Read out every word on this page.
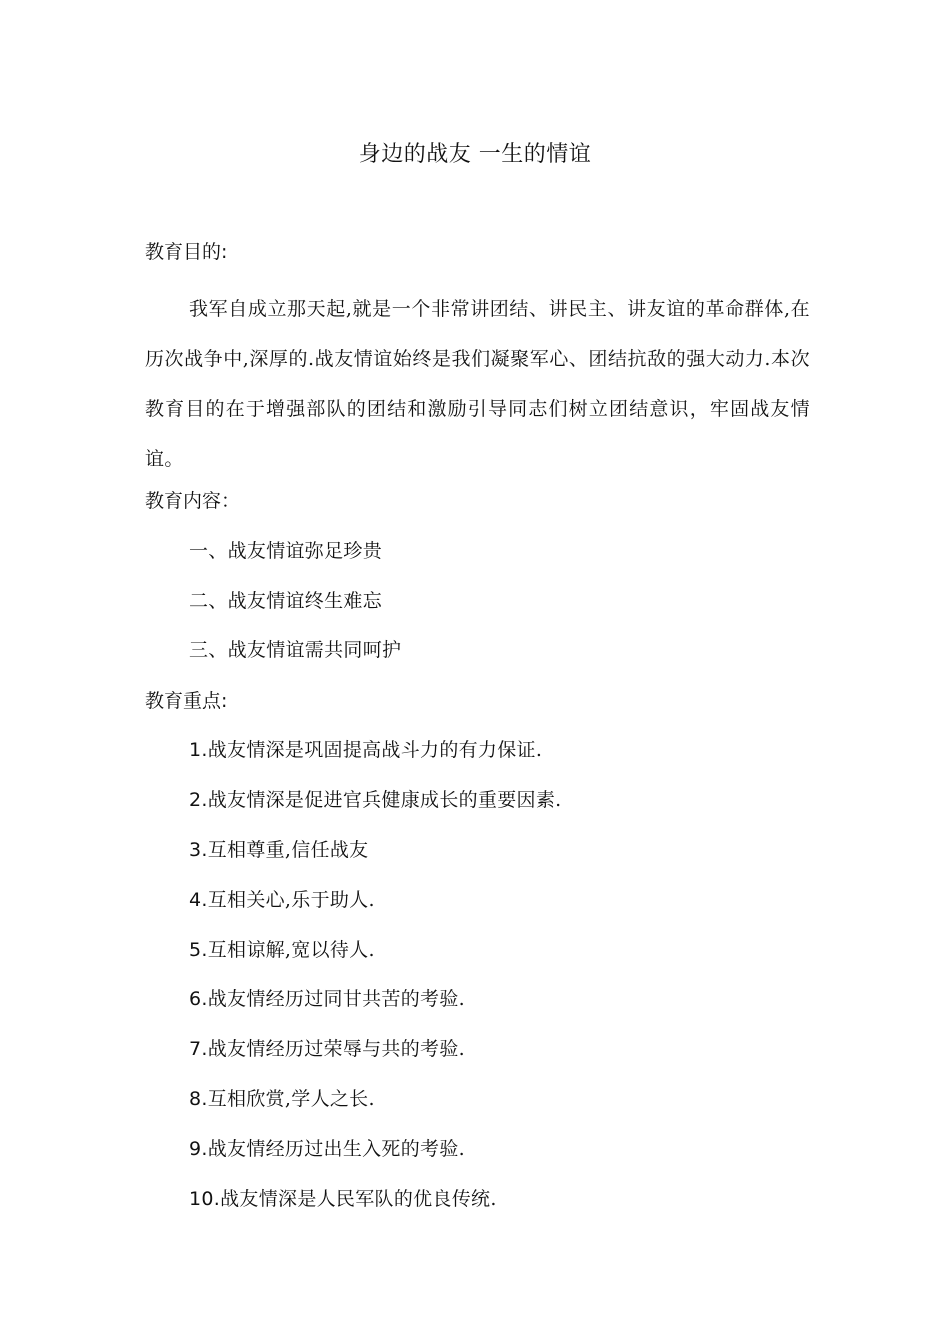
身边的战友 一生的情谊
教育目的:
我军自成立那天起,就是一个非常讲团结、讲民主、讲友谊的革命群体,在历次战争中,深厚的.战友情谊始终是我们凝聚军心、团结抗敌的强大动力.本次教育目的在于增强部队的团结和激励引导同志们树立团结意识，牢固战友情谊。
教育内容：
一、战友情谊弥足珍贵
二、战友情谊终生难忘
三、战友情谊需共同呵护
教育重点:
1.战友情深是巩固提高战斗力的有力保证.
2.战友情深是促进官兵健康成长的重要因素.
3.互相尊重,信任战友
4.互相关心,乐于助人.
5.互相谅解,宽以待人.
6.战友情经历过同甘共苦的考验.
7.战友情经历过荣辱与共的考验.
8.互相欣赏,学人之长.
9.战友情经历过出生入死的考验.
10.战友情深是人民军队的优良传统.
